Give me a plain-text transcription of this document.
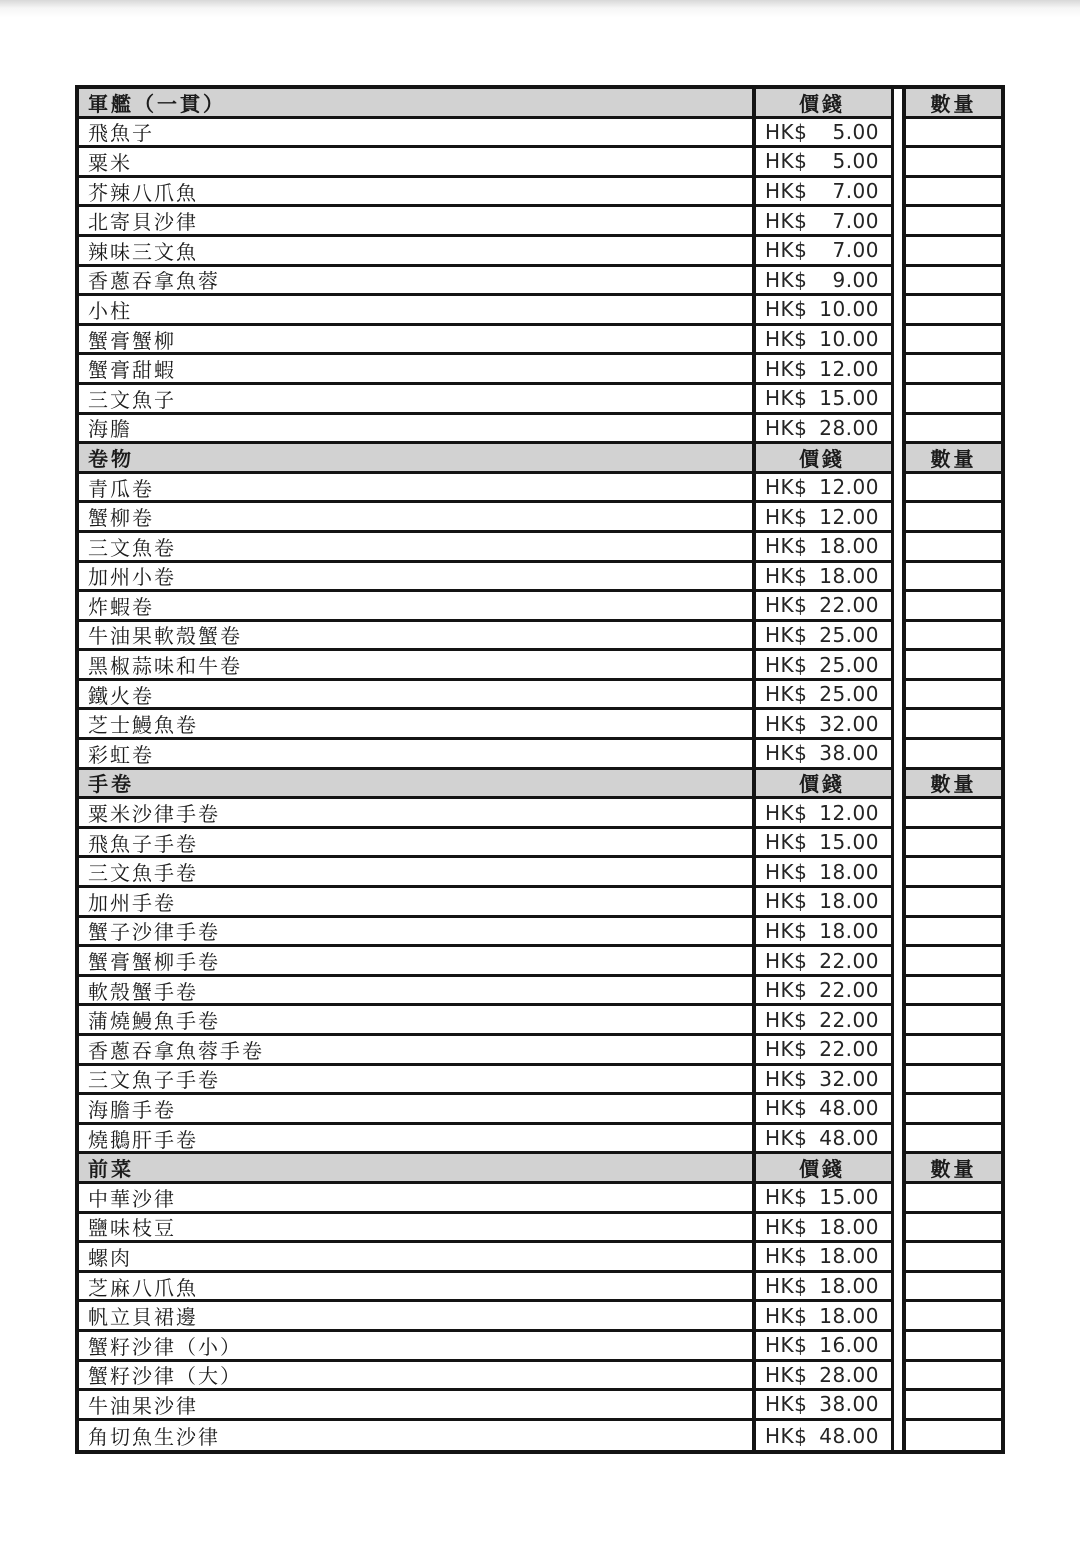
軍艦（一貫）	價錢	數量
飛魚子	HK$ 5.00
粟米	HK$ 5.00
芥辣八爪魚	HK$ 7.00
北寄貝沙律	HK$ 7.00
辣味三文魚	HK$ 7.00
香蔥吞拿魚蓉	HK$ 9.00
小柱	HK$ 10.00
蟹膏蟹柳	HK$ 10.00
蟹膏甜蝦	HK$ 12.00
三文魚子	HK$ 15.00
海膽	HK$ 28.00
卷物	價錢	數量
青瓜卷	HK$ 12.00
蟹柳卷	HK$ 12.00
三文魚卷	HK$ 18.00
加州小卷	HK$ 18.00
炸蝦卷	HK$ 22.00
牛油果軟殼蟹卷	HK$ 25.00
黑椒蒜味和牛卷	HK$ 25.00
鐵火卷	HK$ 25.00
芝士鰻魚卷	HK$ 32.00
彩虹卷	HK$ 38.00
手卷	價錢	數量
粟米沙律手卷	HK$ 12.00
飛魚子手卷	HK$ 15.00
三文魚手卷	HK$ 18.00
加州手卷	HK$ 18.00
蟹子沙律手卷	HK$ 18.00
蟹膏蟹柳手卷	HK$ 22.00
軟殼蟹手卷	HK$ 22.00
蒲燒鰻魚手卷	HK$ 22.00
香蔥吞拿魚蓉手卷	HK$ 22.00
三文魚子手卷	HK$ 32.00
海膽手卷	HK$ 48.00
燒鵝肝手卷	HK$ 48.00
前菜	價錢	數量
中華沙律	HK$ 15.00
鹽味枝豆	HK$ 18.00
螺肉	HK$ 18.00
芝麻八爪魚	HK$ 18.00
帆立貝裙邊	HK$ 18.00
蟹籽沙律（小）	HK$ 16.00
蟹籽沙律（大）	HK$ 28.00
牛油果沙律	HK$ 38.00
角切魚生沙律	HK$ 48.00
